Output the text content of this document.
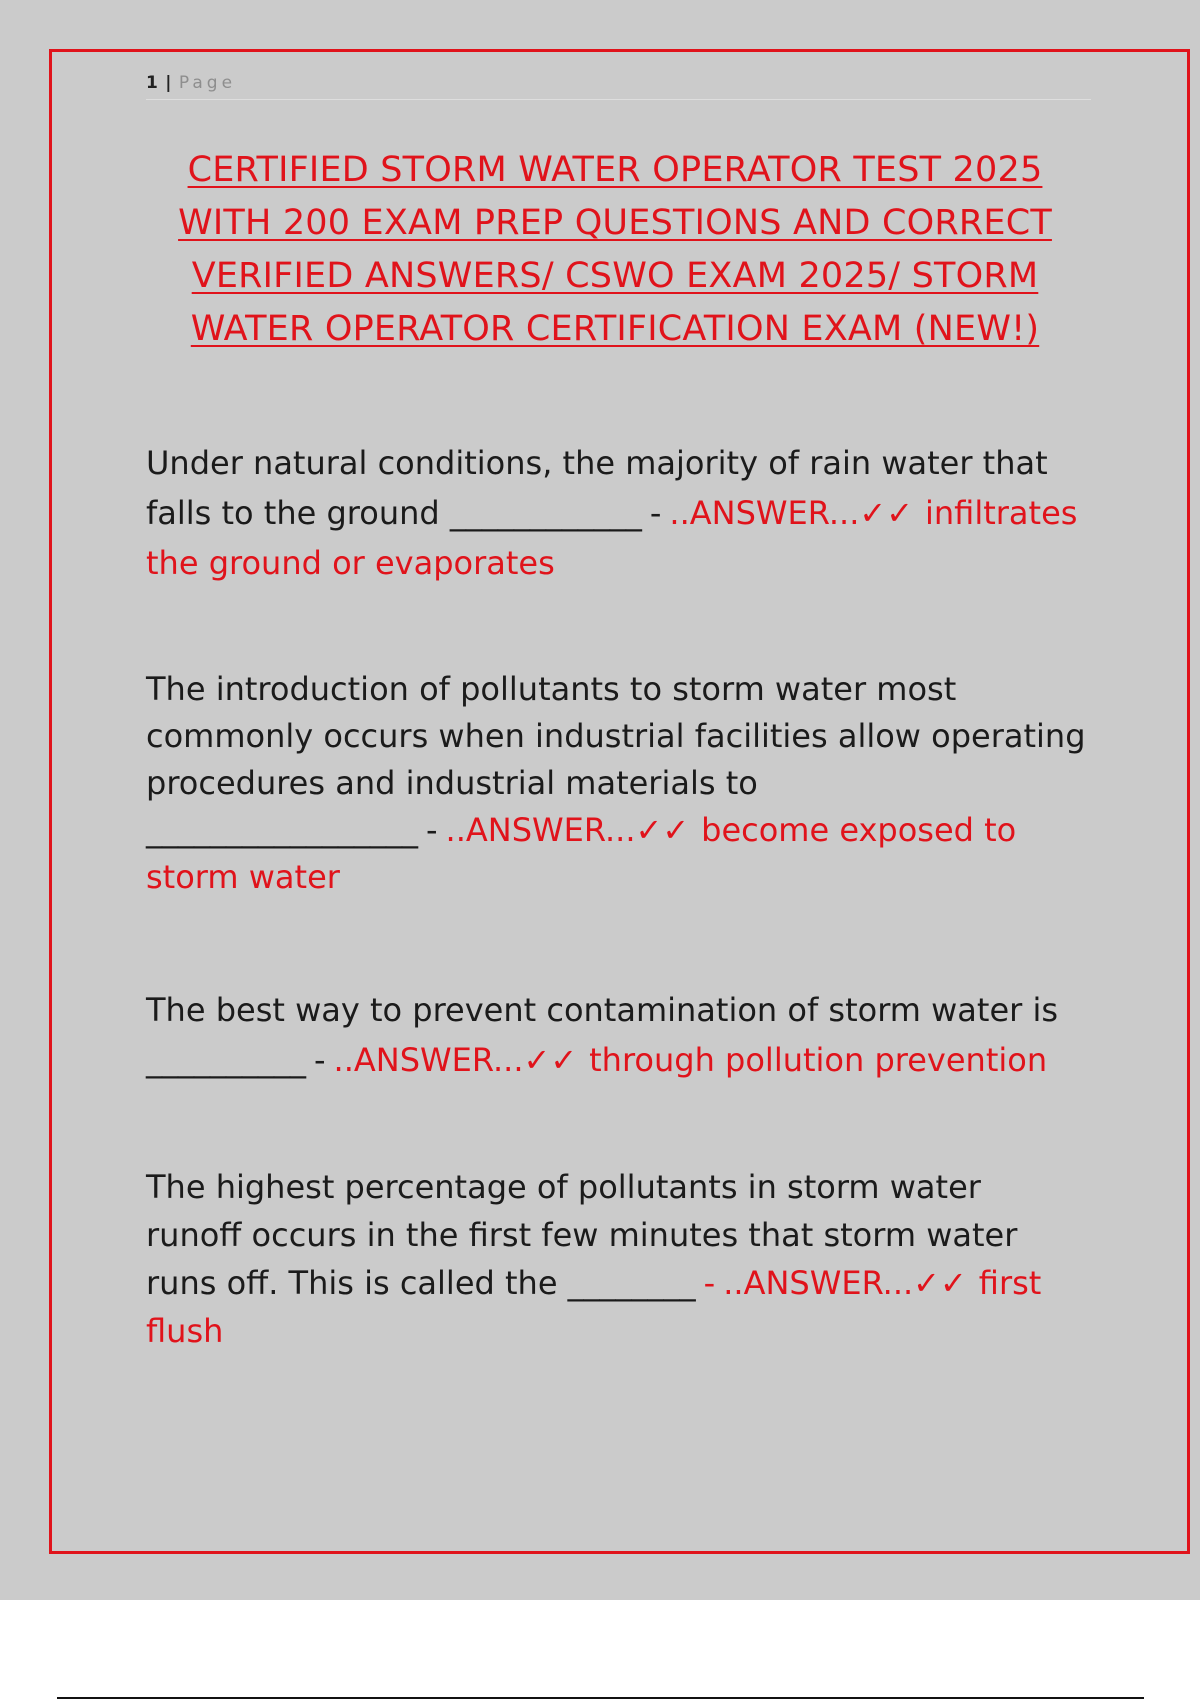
1 | Page
CERTIFIED STORM WATER OPERATOR TEST 2025 WITH 200 EXAM PREP QUESTIONS AND CORRECT VERIFIED ANSWERS/ CSWO EXAM 2025/ STORM WATER OPERATOR CERTIFICATION EXAM (NEW!)
Under natural conditions, the majority of rain water that falls to the ground ____________ - ..ANSWER...✓✓ infiltrates the ground or evaporates
The introduction of pollutants to storm water most commonly occurs when industrial facilities allow operating procedures and industrial materials to _________________ - ..ANSWER...✓✓ become exposed to storm water
The best way to prevent contamination of storm water is __________ - ..ANSWER...✓✓ through pollution prevention
The highest percentage of pollutants in storm water runoff occurs in the first few minutes that storm water runs off. This is called the ________ - ..ANSWER...✓✓ first flush
